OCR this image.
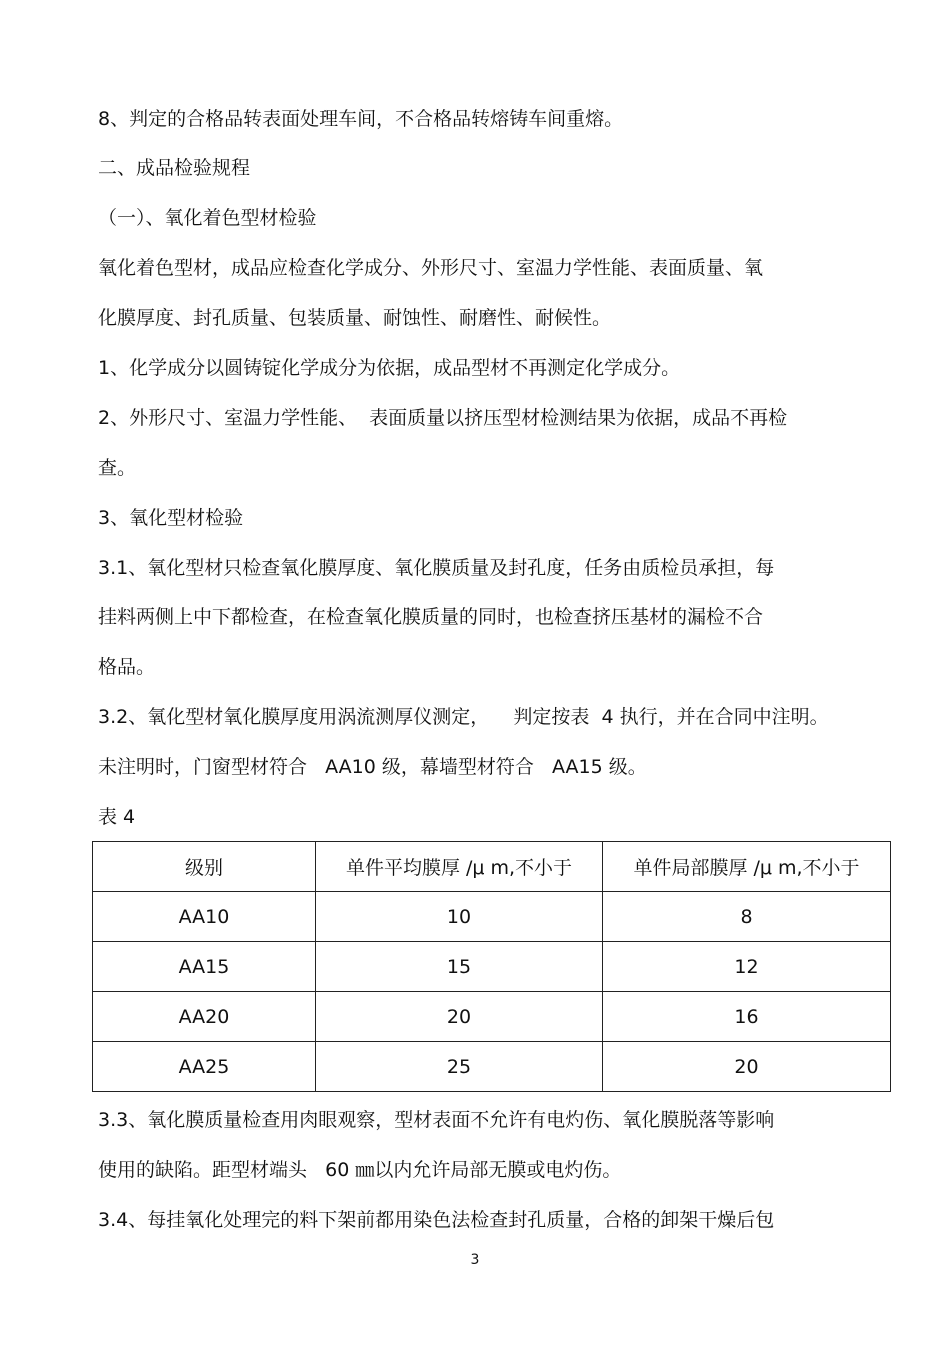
8、判定的合格品转表面处理车间，不合格品转熔铸车间重熔。

二、成品检验规程

（一）、氧化着色型材检验

氧化着色型材，成品应检查化学成分、外形尺寸、室温力学性能、表面质量、氧

化膜厚度、封孔质量、包装质量、耐蚀性、耐磨性、耐候性。

1、化学成分以圆铸锭化学成分为依据，成品型材不再测定化学成分。

2、外形尺寸、室温力学性能、  表面质量以挤压型材检测结果为依据，成品不再检

查。

3、氧化型材检验

3.1、氧化型材只检查氧化膜厚度、氧化膜质量及封孔度，任务由质检员承担，每

挂料两侧上中下都检查，在检查氧化膜质量的同时，也检查挤压基材的漏检不合

格品。

3.2、氧化型材氧化膜厚度用涡流测厚仪测定，    判定按表  4 执行，并在合同中注明。

未注明时，门窗型材符合   AA10 级，幕墙型材符合   AA15 级。

表 4

级别	单件平均膜厚 /μ m,不小于	单件局部膜厚 /μ m,不小于
AA10	10	8
AA15	15	12
AA20	20	16
AA25	25	20

3.3、氧化膜质量检查用肉眼观察，型材表面不允许有电灼伤、氧化膜脱落等影响

使用的缺陷。距型材端头   60 ㎜以内允许局部无膜或电灼伤。

3.4、每挂氧化处理完的料下架前都用染色法检查封孔质量，合格的卸架干燥后包

3
